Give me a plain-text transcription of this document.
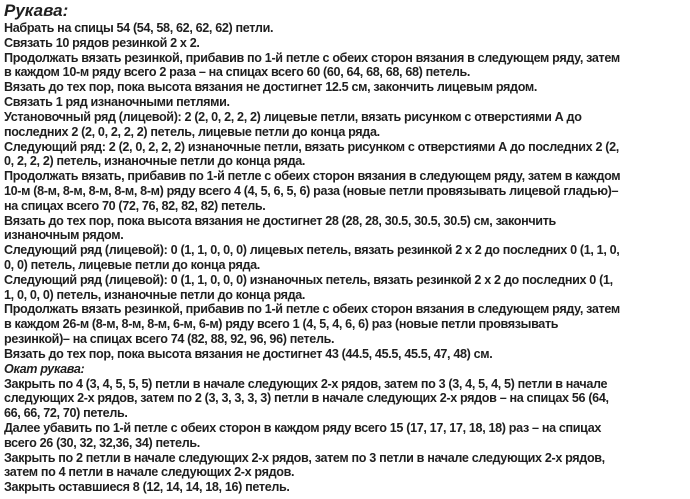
Рукава:
Набрать на спицы 54 (54, 58, 62, 62, 62) петли.
Связать 10 рядов резинкой 2 х 2.
Продолжать вязать резинкой, прибавив по 1-й петле с обеих сторон вязания в следующем ряду, затем
в каждом 10-м ряду всего 2 раза – на спицах всего 60 (60, 64, 68, 68, 68) петель.
Вязать до тех пор, пока высота вязания не достигнет 12.5 см, закончить лицевым рядом.
Связать 1 ряд изнаночными петлями.
Установочный ряд (лицевой): 2 (2, 0, 2, 2, 2) лицевые петли, вязать рисунком с отверстиями А до
последних 2 (2, 0, 2, 2, 2) петель, лицевые петли до конца ряда.
Следующий ряд: 2 (2, 0, 2, 2, 2) изнаночные петли, вязать рисунком с отверстиями А до последних 2 (2,
0, 2, 2, 2) петель, изнаночные петли до конца ряда.
Продолжать вязать, прибавив по 1-й петле с обеих сторон вязания в следующем ряду, затем в каждом
10-м (8-м, 8-м, 8-м, 8-м, 8-м) ряду всего 4 (4, 5, 6, 5, 6) раза (новые петли провязывать лицевой гладью)–
на спицах всего 70 (72, 76, 82, 82, 82) петель.
Вязать до тех пор, пока высота вязания не достигнет 28 (28, 28, 30.5, 30.5, 30.5) см, закончить
изнаночным рядом.
Следующий ряд (лицевой): 0 (1, 1, 0, 0, 0) лицевых петель, вязать резинкой 2 х 2 до последних 0 (1, 1, 0,
0, 0) петель, лицевые петли до конца ряда.
Следующий ряд (лицевой): 0 (1, 1, 0, 0, 0) изнаночных петель, вязать резинкой 2 х 2 до последних 0 (1,
1, 0, 0, 0) петель, изнаночные петли до конца ряда.
Продолжать вязать резинкой, прибавив по 1-й петле с обеих сторон вязания в следующем ряду, затем
в каждом 26-м (8-м, 8-м, 8-м, 6-м, 6-м) ряду всего 1 (4, 5, 4, 6, 6) раз (новые петли провязывать
резинкой)– на спицах всего 74 (82, 88, 92, 96, 96) петель.
Вязать до тех пор, пока высота вязания не достигнет 43 (44.5, 45.5, 45.5, 47, 48) см.
Окат рукава:
Закрыть по 4 (3, 4, 5, 5, 5) петли в начале следующих 2-х рядов, затем по 3 (3, 4, 5, 4, 5) петли в начале
следующих 2-х рядов, затем по 2 (3, 3, 3, 3, 3) петли в начале следующих 2-х рядов – на спицах 56 (64,
66, 66, 72, 70) петель.
Далее убавить по 1-й петле с обеих сторон в каждом ряду всего 15 (17, 17, 17, 18, 18) раз – на спицах
всего 26 (30, 32, 32,36, 34) петель.
Закрыть по 2 петли в начале следующих 2-х рядов, затем по 3 петли в начале следующих 2-х рядов,
затем по 4 петли в начале следующих 2-х рядов.
Закрыть оставшиеся 8 (12, 14, 14, 18, 16) петель.
